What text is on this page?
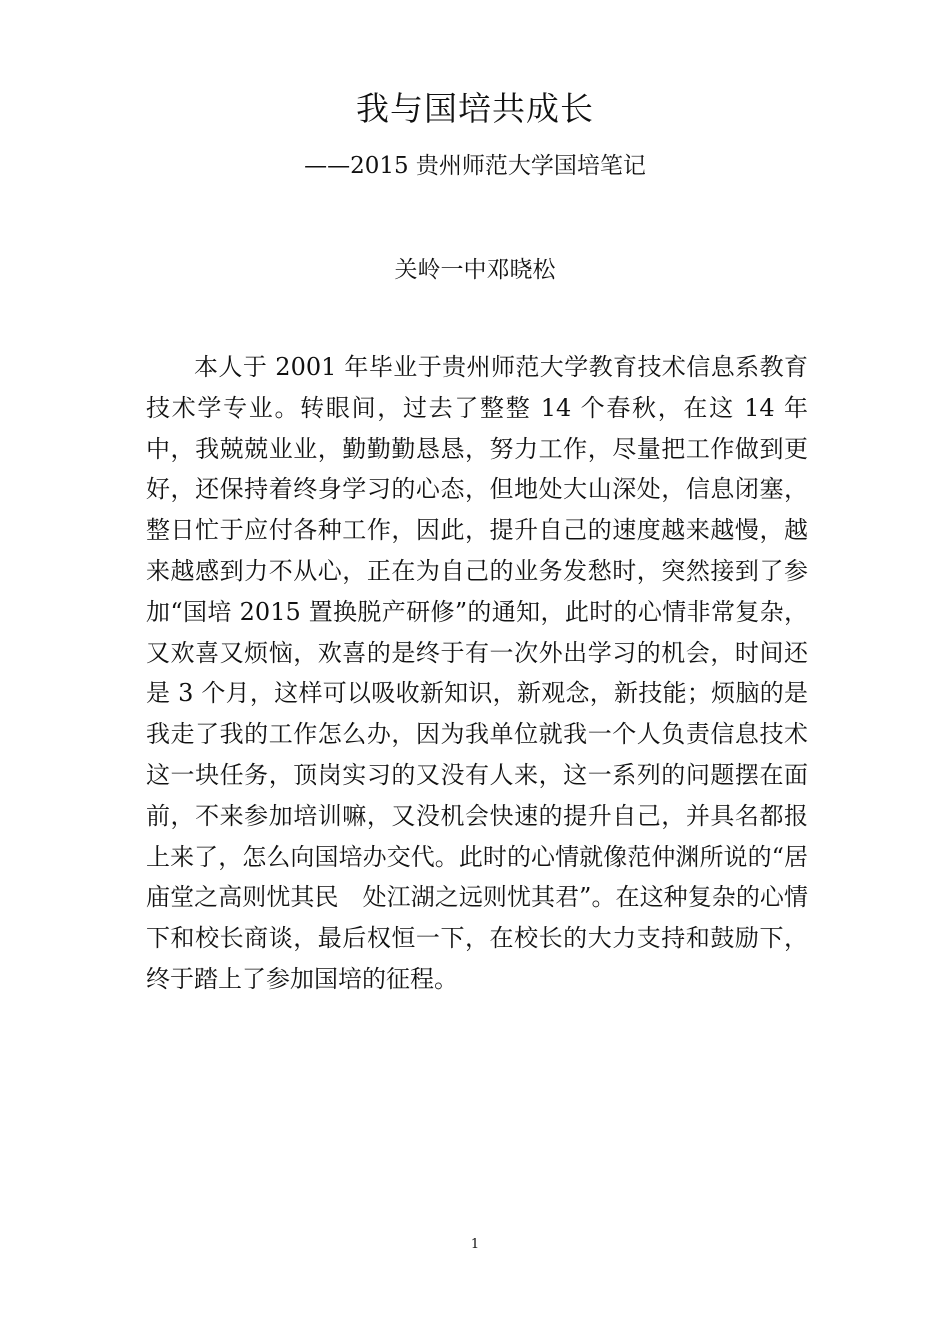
我与国培共成长
——2015 贵州师范大学国培笔记
关岭一中邓晓松

本人于 2001 年毕业于贵州师范大学教育技术信息系教育技术学专业。转眼间，过去了整整 14 个春秋，在这 14 年中，我兢兢业业，勤勤勤恳恳，努力工作，尽量把工作做到更好，还保持着终身学习的心态，但地处大山深处，信息闭塞，整日忙于应付各种工作，因此，提升自己的速度越来越慢，越来越感到力不从心，正在为自己的业务发愁时，突然接到了参加“国培 2015 置换脱产研修”的通知，此时的心情非常复杂，又欢喜又烦恼，欢喜的是终于有一次外出学习的机会，时间还是 3 个月，这样可以吸收新知识，新观念，新技能；烦脑的是我走了我的工作怎么办，因为我单位就我一个人负责信息技术这一块任务，顶岗实习的又没有人来，这一系列的问题摆在面前，不来参加培训嘛，又没机会快速的提升自己，并具名都报上来了，怎么向国培办交代。此时的心情就像范仲渊所说的“居庙堂之高则忧其民　处江湖之远则忧其君”。在这种复杂的心情下和校长商谈，最后权恒一下，在校长的大力支持和鼓励下，终于踏上了参加国培的征程。

1
